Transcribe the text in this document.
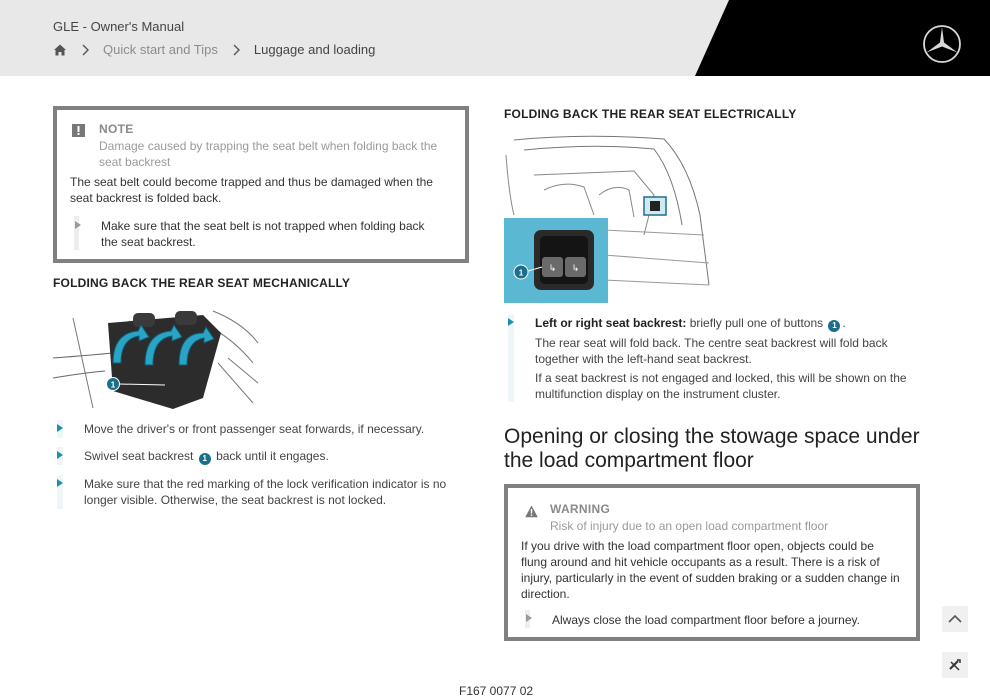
GLE - Owner's Manual
Quick start and Tips	Luggage and loading
NOTE
Damage caused by trapping the seat belt when folding back the
seat backrest
The seat belt could become trapped and thus be damaged when the
seat backrest is folded back.
Make sure that the seat belt is not trapped when folding back
the seat backrest.
FOLDING BACK THE REAR SEAT MECHANICALLY
1
Move the driver's or front passenger seat forwards, if necessary.
Swivel seat backrest 1 back until it engages.
Make sure that the red marking of the lock verification indicator is no
longer visible. Otherwise, the seat backrest is not locked.
FOLDING BACK THE REAR SEAT ELECTRICALLY
↳ ↳
1
Left or right seat backrest: briefly pull one of buttons 1 .
The rear seat will fold back. The centre seat backrest will fold back
together with the left-hand seat backrest.
If a seat backrest is not engaged and locked, this will be shown on the
multifunction display on the instrument cluster.
Opening or closing the stowage space under the load compartment floor
WARNING
Risk of injury due to an open load compartment floor
If you drive with the load compartment floor open, objects could be
flung around and hit vehicle occupants as a result. There is a risk of
injury, particularly in the event of sudden braking or a sudden change in
direction.
Always close the load compartment floor before a journey.
F167 0077 02
